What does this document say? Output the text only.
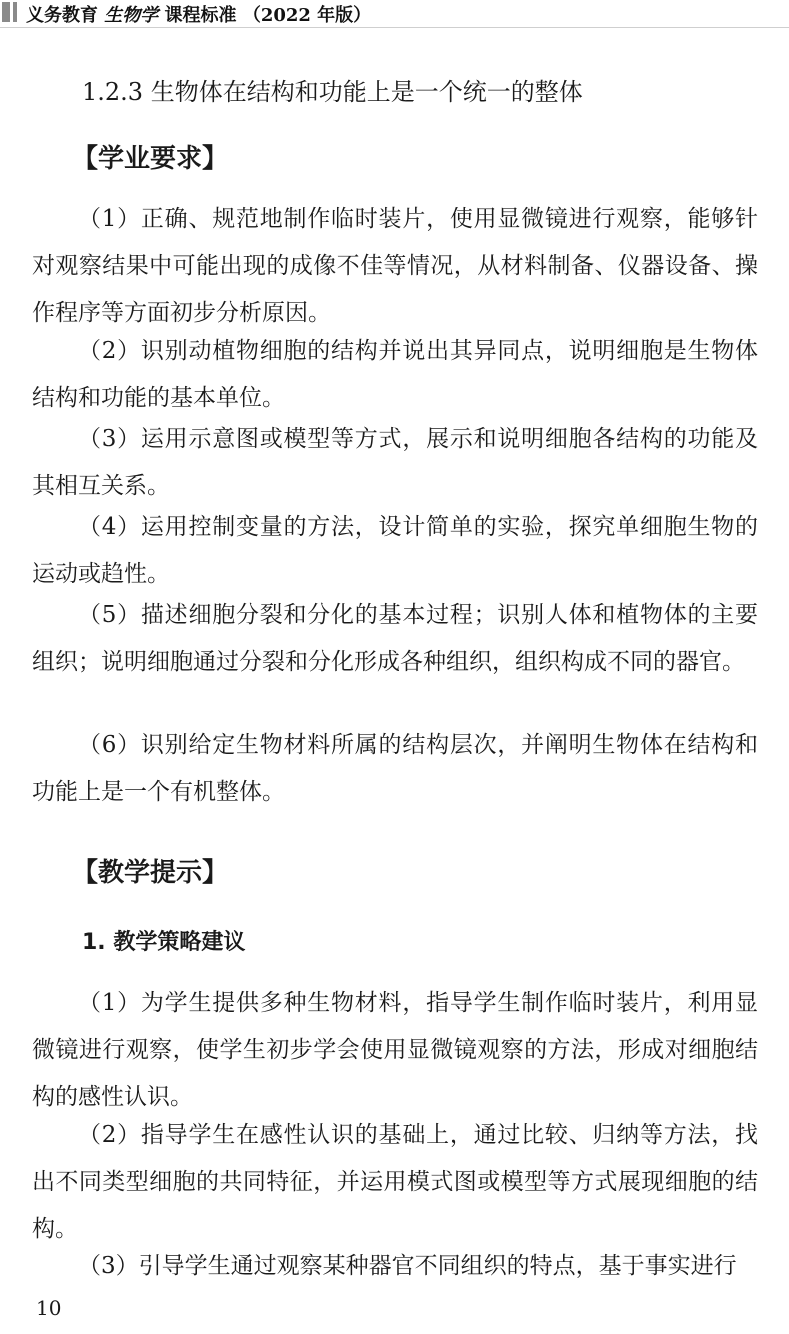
义务教育 生物学 课程标准 （2022 年版）
1.2.3 生物体在结构和功能上是一个统一的整体
【学业要求】

（1）正确、规范地制作临时装片，使用显微镜进行观察，能够针对观察结果中可能出现的成像不佳等情况，从材料制备、仪器设备、操作程序等方面初步分析原因。

（2）识别动植物细胞的结构并说出其异同点，说明细胞是生物体结构和功能的基本单位。

（3）运用示意图或模型等方式，展示和说明细胞各结构的功能及其相互关系。

（4）运用控制变量的方法，设计简单的实验，探究单细胞生物的运动或趋性。

（5）描述细胞分裂和分化的基本过程；识别人体和植物体的主要组织；说明细胞通过分裂和分化形成各种组织，组织构成不同的器官。

（6）识别给定生物材料所属的结构层次，并阐明生物体在结构和功能上是一个有机整体。

【教学提示】
1. 教学策略建议

（1）为学生提供多种生物材料，指导学生制作临时装片，利用显微镜进行观察，使学生初步学会使用显微镜观察的方法，形成对细胞结构的感性认识。

（2）指导学生在感性认识的基础上，通过比较、归纳等方法，找出不同类型细胞的共同特征，并运用模式图或模型等方式展现细胞的结构。

（3）引导学生通过观察某种器官不同组织的特点，基于事实进行

10
